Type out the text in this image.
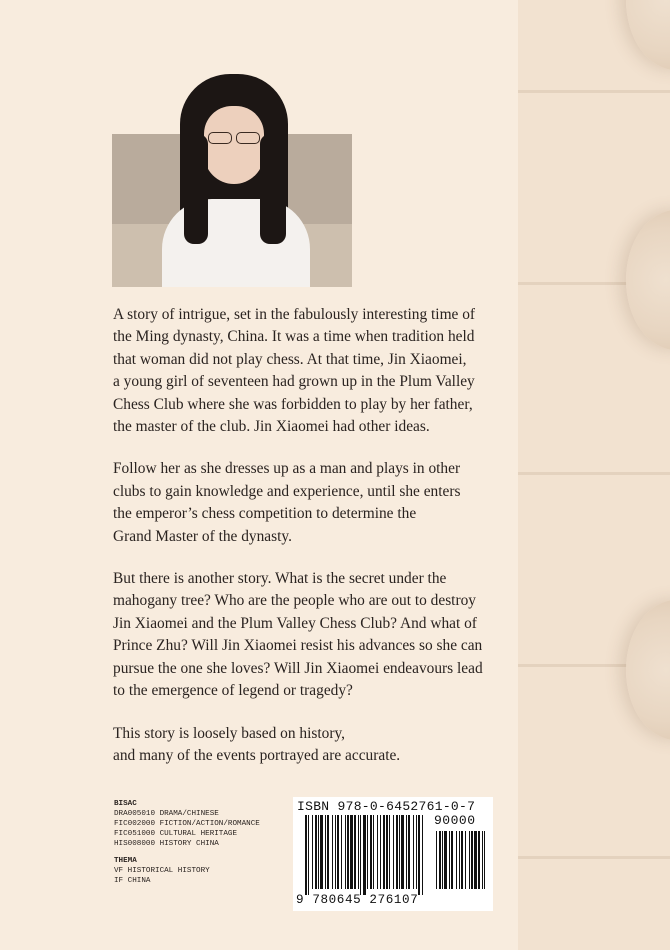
A story of intrigue, set in the fabulously interesting time of
the Ming dynasty, China. It was a time when tradition held
that woman did not play chess. At that time, Jin Xiaomei,
a young girl of seventeen had grown up in the Plum Valley
Chess Club where she was forbidden to play by her father,
the master of the club. Jin Xiaomei had other ideas.

Follow her as she dresses up as a man and plays in other
clubs to gain knowledge and experience, until she enters
the emperor’s chess competition to determine the
Grand Master of the dynasty.

But there is another story. What is the secret under the
mahogany tree? Who are the people who are out to destroy
Jin Xiaomei and the Plum Valley Chess Club? And what of
Prince Zhu? Will Jin Xiaomei resist his advances so she can
pursue the one she loves? Will Jin Xiaomei endeavours lead
to the emergence of legend or tragedy?

This story is loosely based on history,
and many of the events portrayed are accurate.

BISAC
DRA005010 DRAMA/CHINESE
FIC002000 FICTION/ACTION/ROMANCE
FIC051000 CULTURAL HERITAGE
HIS008000 HISTORY CHINA
THEMA
VF HISTORICAL HISTORY
IF CHINA
ISBN 978-0-6452761-0-7
90000
9 780645 276107
